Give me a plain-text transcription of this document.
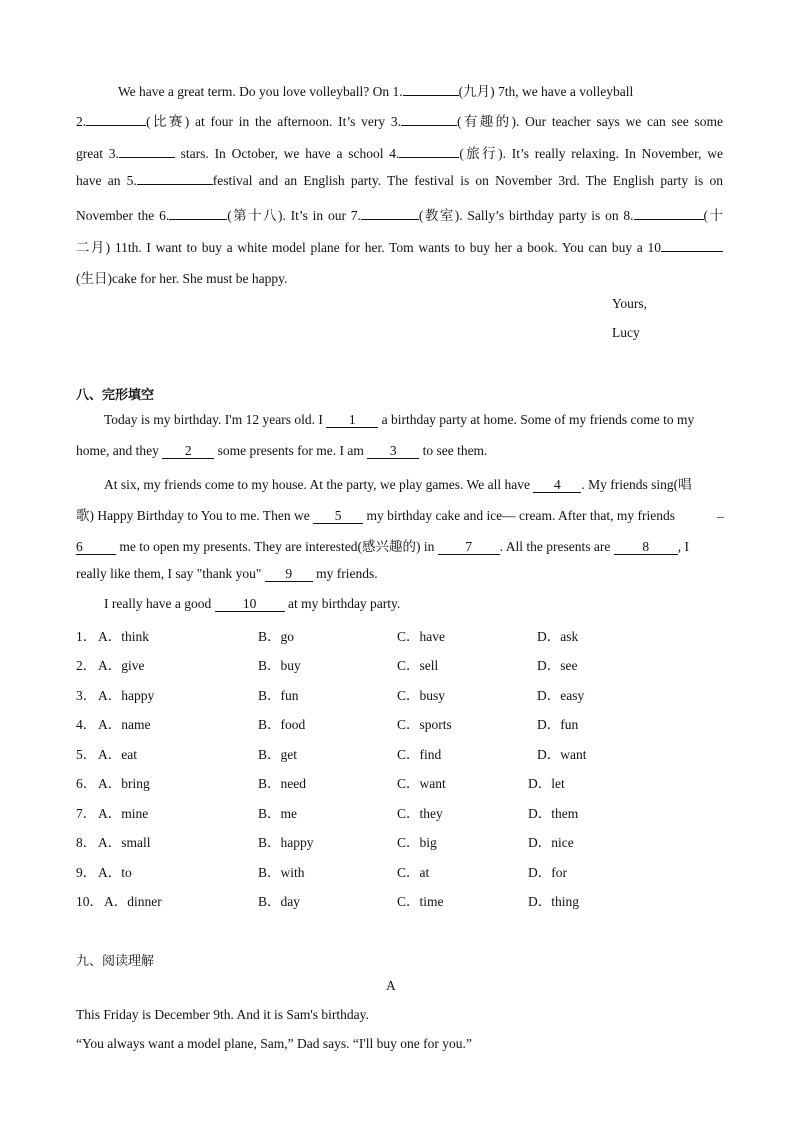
We have a great term. Do you love volleyball? On 1.	(九月) 7th, we have a volleyball
2.	(比赛) at four in the afternoon. It’s very 3.	(有趣的). Our teacher says we can see some
great 3.	stars. In October, we have a school 4.	(旅行). It’s really relaxing. In November, we
have an 5.	festival and an English party. The festival is on November 3rd. The English party is on
November the 6.	(第十八). It’s in our 7.	(教室). Sally’s birthday party is on 8.	(十
二月) 11th. I want to buy a white model plane for her. Tom wants to buy her a book. You can buy a 10
(生日)cake for her. She must be happy.
Yours,
Lucy
八、完形填空
Today is my birthday. I'm 12 years old. I 1 a birthday party at home. Some of my friends come to my
home, and they 2 some presents for me. I am 3 to see them.
At six, my friends come to my house. At the party, we play games. We all have 4 . My friends sing(唱
歌) Happy Birthday to You to me. Then we 5 my birthday cake and ice— cream. After that, my friends	_
6 me to open my presents. They are interested(感兴趣的) in 7 . All the presents are 8 , I
really like them, I say "thank you" 9 my friends.
I really have a good 10 at my birthday party.
1． A．think	B．go	C．have	D．ask
2． A．give	B．buy	C．sell	D．see
3． A．happy	B．fun	C．busy	D．easy
4． A．name	B．food	C．sports	D．fun
5． A．eat	B．get	C．find	D．want
6． A．bring	B．need	C．want	D．let
7． A．mine	B．me	C．they	D．them
8． A．small	B．happy	C．big	D．nice
9． A．to	B．with	C．at	D．for
10． A．dinner	B．day	C．time	D．thing
九、阅读理解
A
This Friday is December 9th. And it is Sam's birthday.
“You always want a model plane, Sam,” Dad says. “I'll buy one for you.”
